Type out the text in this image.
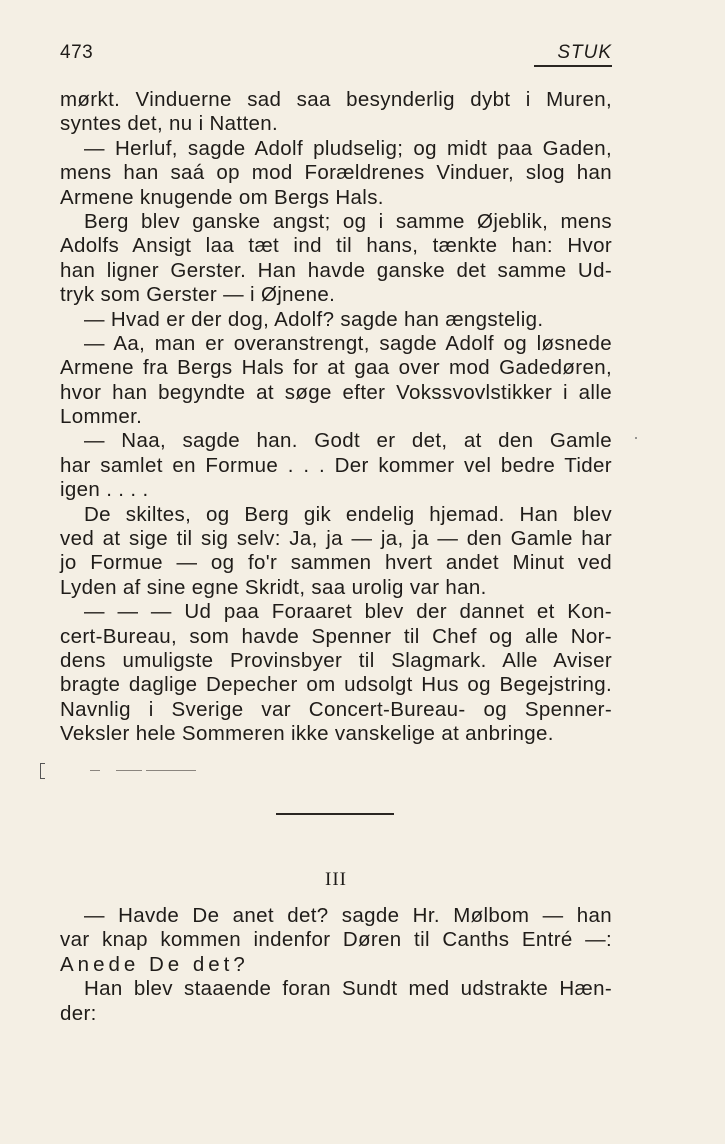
473	STUK
mørkt. Vinduerne sad saa besynderlig dybt i Muren,
syntes det, nu i Natten.
— Herluf, sagde Adolf pludselig; og midt paa Gaden,
mens han saá op mod Forældrenes Vinduer, slog han
Armene knugende om Bergs Hals.
Berg blev ganske angst; og i samme Øjeblik, mens
Adolfs Ansigt laa tæt ind til hans, tænkte han: Hvor
han ligner Gerster. Han havde ganske det samme Ud-
tryk som Gerster — i Øjnene.
— Hvad er der dog, Adolf? sagde han ængstelig.
— Aa, man er overanstrengt, sagde Adolf og løsnede
Armene fra Bergs Hals for at gaa over mod Gadedøren,
hvor han begyndte at søge efter Vokssvovlstikker i alle
Lommer.
— Naa, sagde han. Godt er det, at den Gamle
har samlet en Formue . . . Der kommer vel bedre Tider
igen . . . .
De skiltes, og Berg gik endelig hjemad. Han blev
ved at sige til sig selv: Ja, ja — ja, ja — den Gamle har
jo Formue — og fo'r sammen hvert andet Minut ved
Lyden af sine egne Skridt, saa urolig var han.
— — — Ud paa Foraaret blev der dannet et Kon-
cert-Bureau, som havde Spenner til Chef og alle Nor-
dens umuligste Provinsbyer til Slagmark. Alle Aviser
bragte daglige Depecher om udsolgt Hus og Begejstring.
Navnlig i Sverige var Concert-Bureau- og Spenner-
Veksler hele Sommeren ikke vanskelige at anbringe.
III
— Havde De anet det? sagde Hr. Mølbom — han
var knap kommen indenfor Døren til Canths Entré —:
Anede De det?
Han blev staaende foran Sundt med udstrakte Hæn-
der:
